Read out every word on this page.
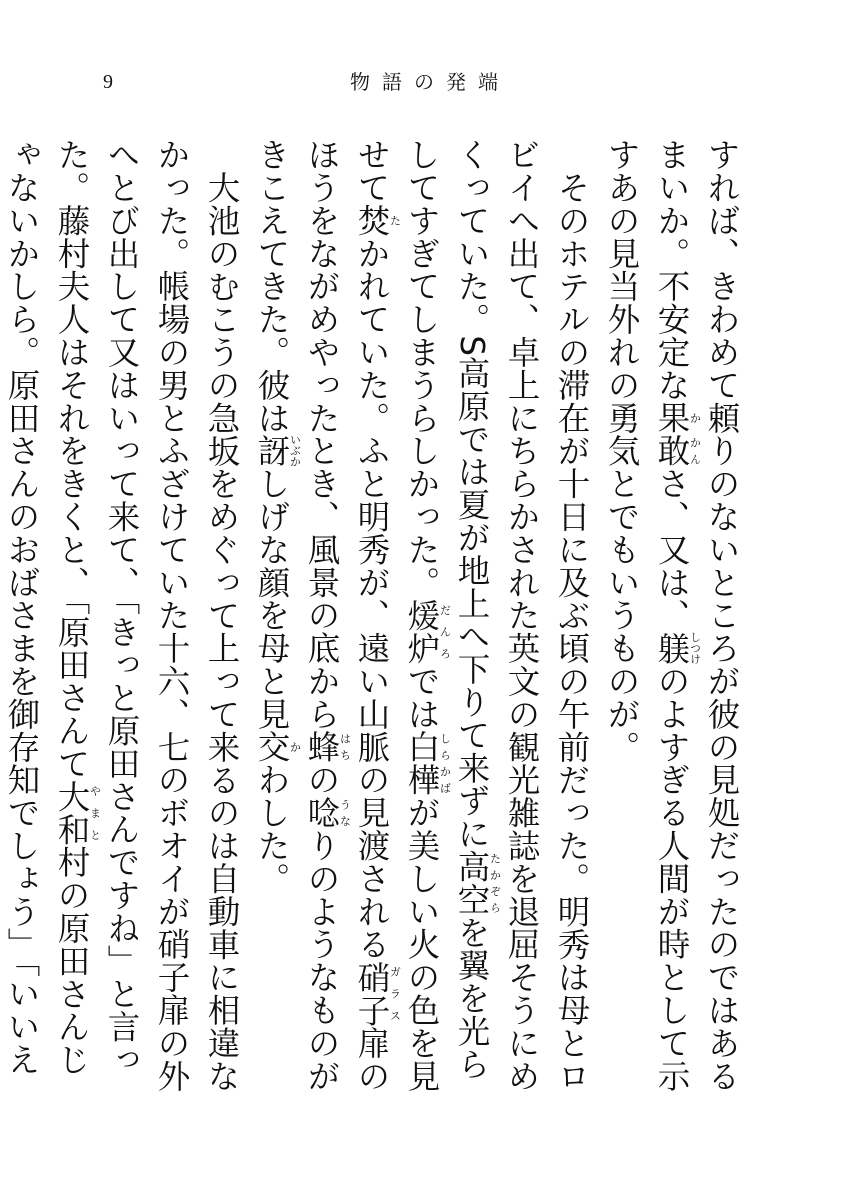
9	物語の発端

すれば、きわめて頼りのないところが彼の見処だったのではあるまいか。不安定な果か敢かんさ、又は、躾しつけのよすぎる人間が時として示すあの見当外れの勇気とでもいうものが。

そのホテルの滞在が十日に及ぶ頃の午前だった。明秀は母とロビイへ出て、卓上にちらかされた英文の観光雑誌を退屈そうにめくっていた。S高原では夏が地上へ下りて来ずに高空たかぞらを翼を光らしてすぎてしまうらしかった。煖炉だんろでは白樺しらかばが美しい火の色を見せて焚たかれていた。ふと明秀が、遠い山脈の見渡される硝子ガラス扉のほうをながめやったとき、風景の底から蜂はちの唸うなりのようなものがきこえてきた。彼は訝いぶかしげな顔を母と見交かわした。

大池のむこうの急坂をめぐって上って来るのは自動車に相違なかった。帳場の男とふざけていた十六、七のボオイが硝子扉の外へとび出して又はいって来て、「きっと原田さんですね」と言った。藤村夫人はそれをきくと、「原田さんて大和やまと村の原田さんじゃないかしら。原田さんのおばさまを御存知でしょう」「いいえ
